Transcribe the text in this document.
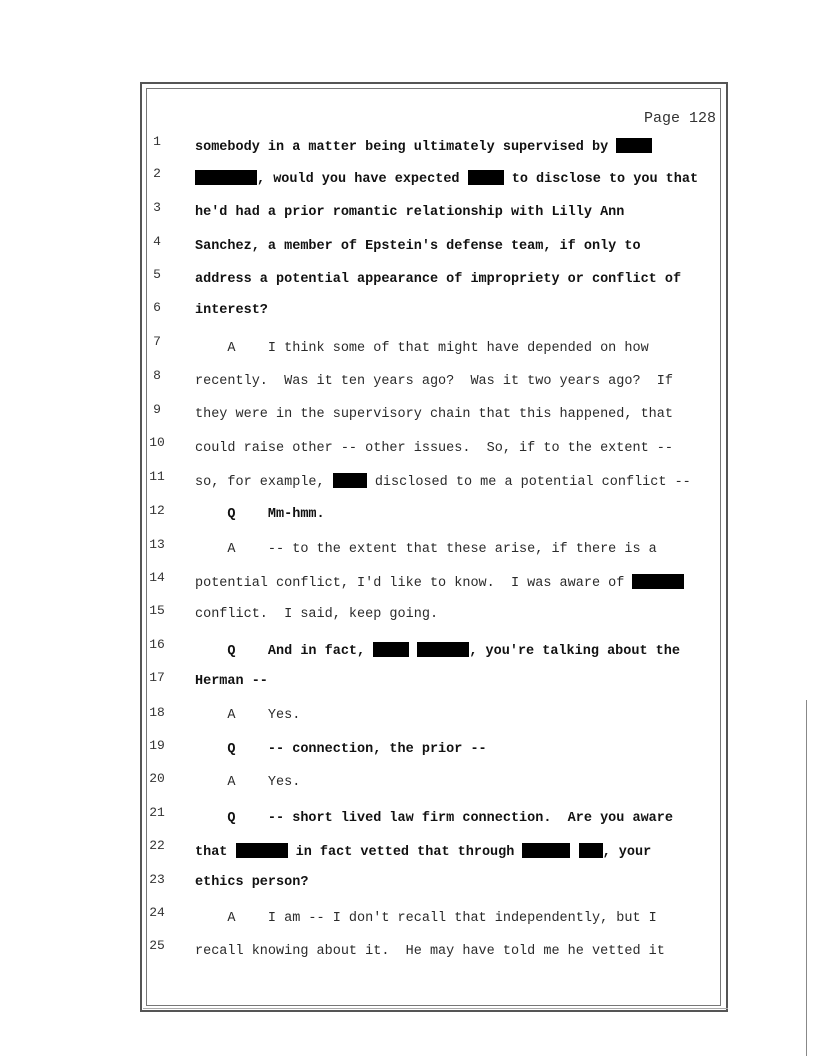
Page 128
1	somebody in a matter being ultimately supervised by
2	, would you have expected	to disclose to you that
3	he'd had a prior romantic relationship with Lilly Ann
4	Sanchez, a member of Epstein's defense team, if only to
5	address a potential appearance of impropriety or conflict of
6	interest?
7	A    I think some of that might have depended on how
8	recently.  Was it ten years ago?  Was it two years ago?  If
9	they were in the supervisory chain that this happened, that
10	could raise other -- other issues.  So, if to the extent --
11	so, for example,	disclosed to me a potential conflict --
12	Q    Mm-hmm.
13	A    -- to the extent that these arise, if there is a
14	potential conflict, I'd like to know.  I was aware of
15	conflict.  I said, keep going.
16	Q    And in fact,	, you're talking about the
17	Herman --
18	A    Yes.
19	Q    -- connection, the prior --
20	A    Yes.
21	Q    -- short lived law firm connection.  Are you aware
22	that	in fact vetted that through	, your
23	ethics person?
24	A    I am -- I don't recall that independently, but I
25	recall knowing about it.  He may have told me he vetted it
